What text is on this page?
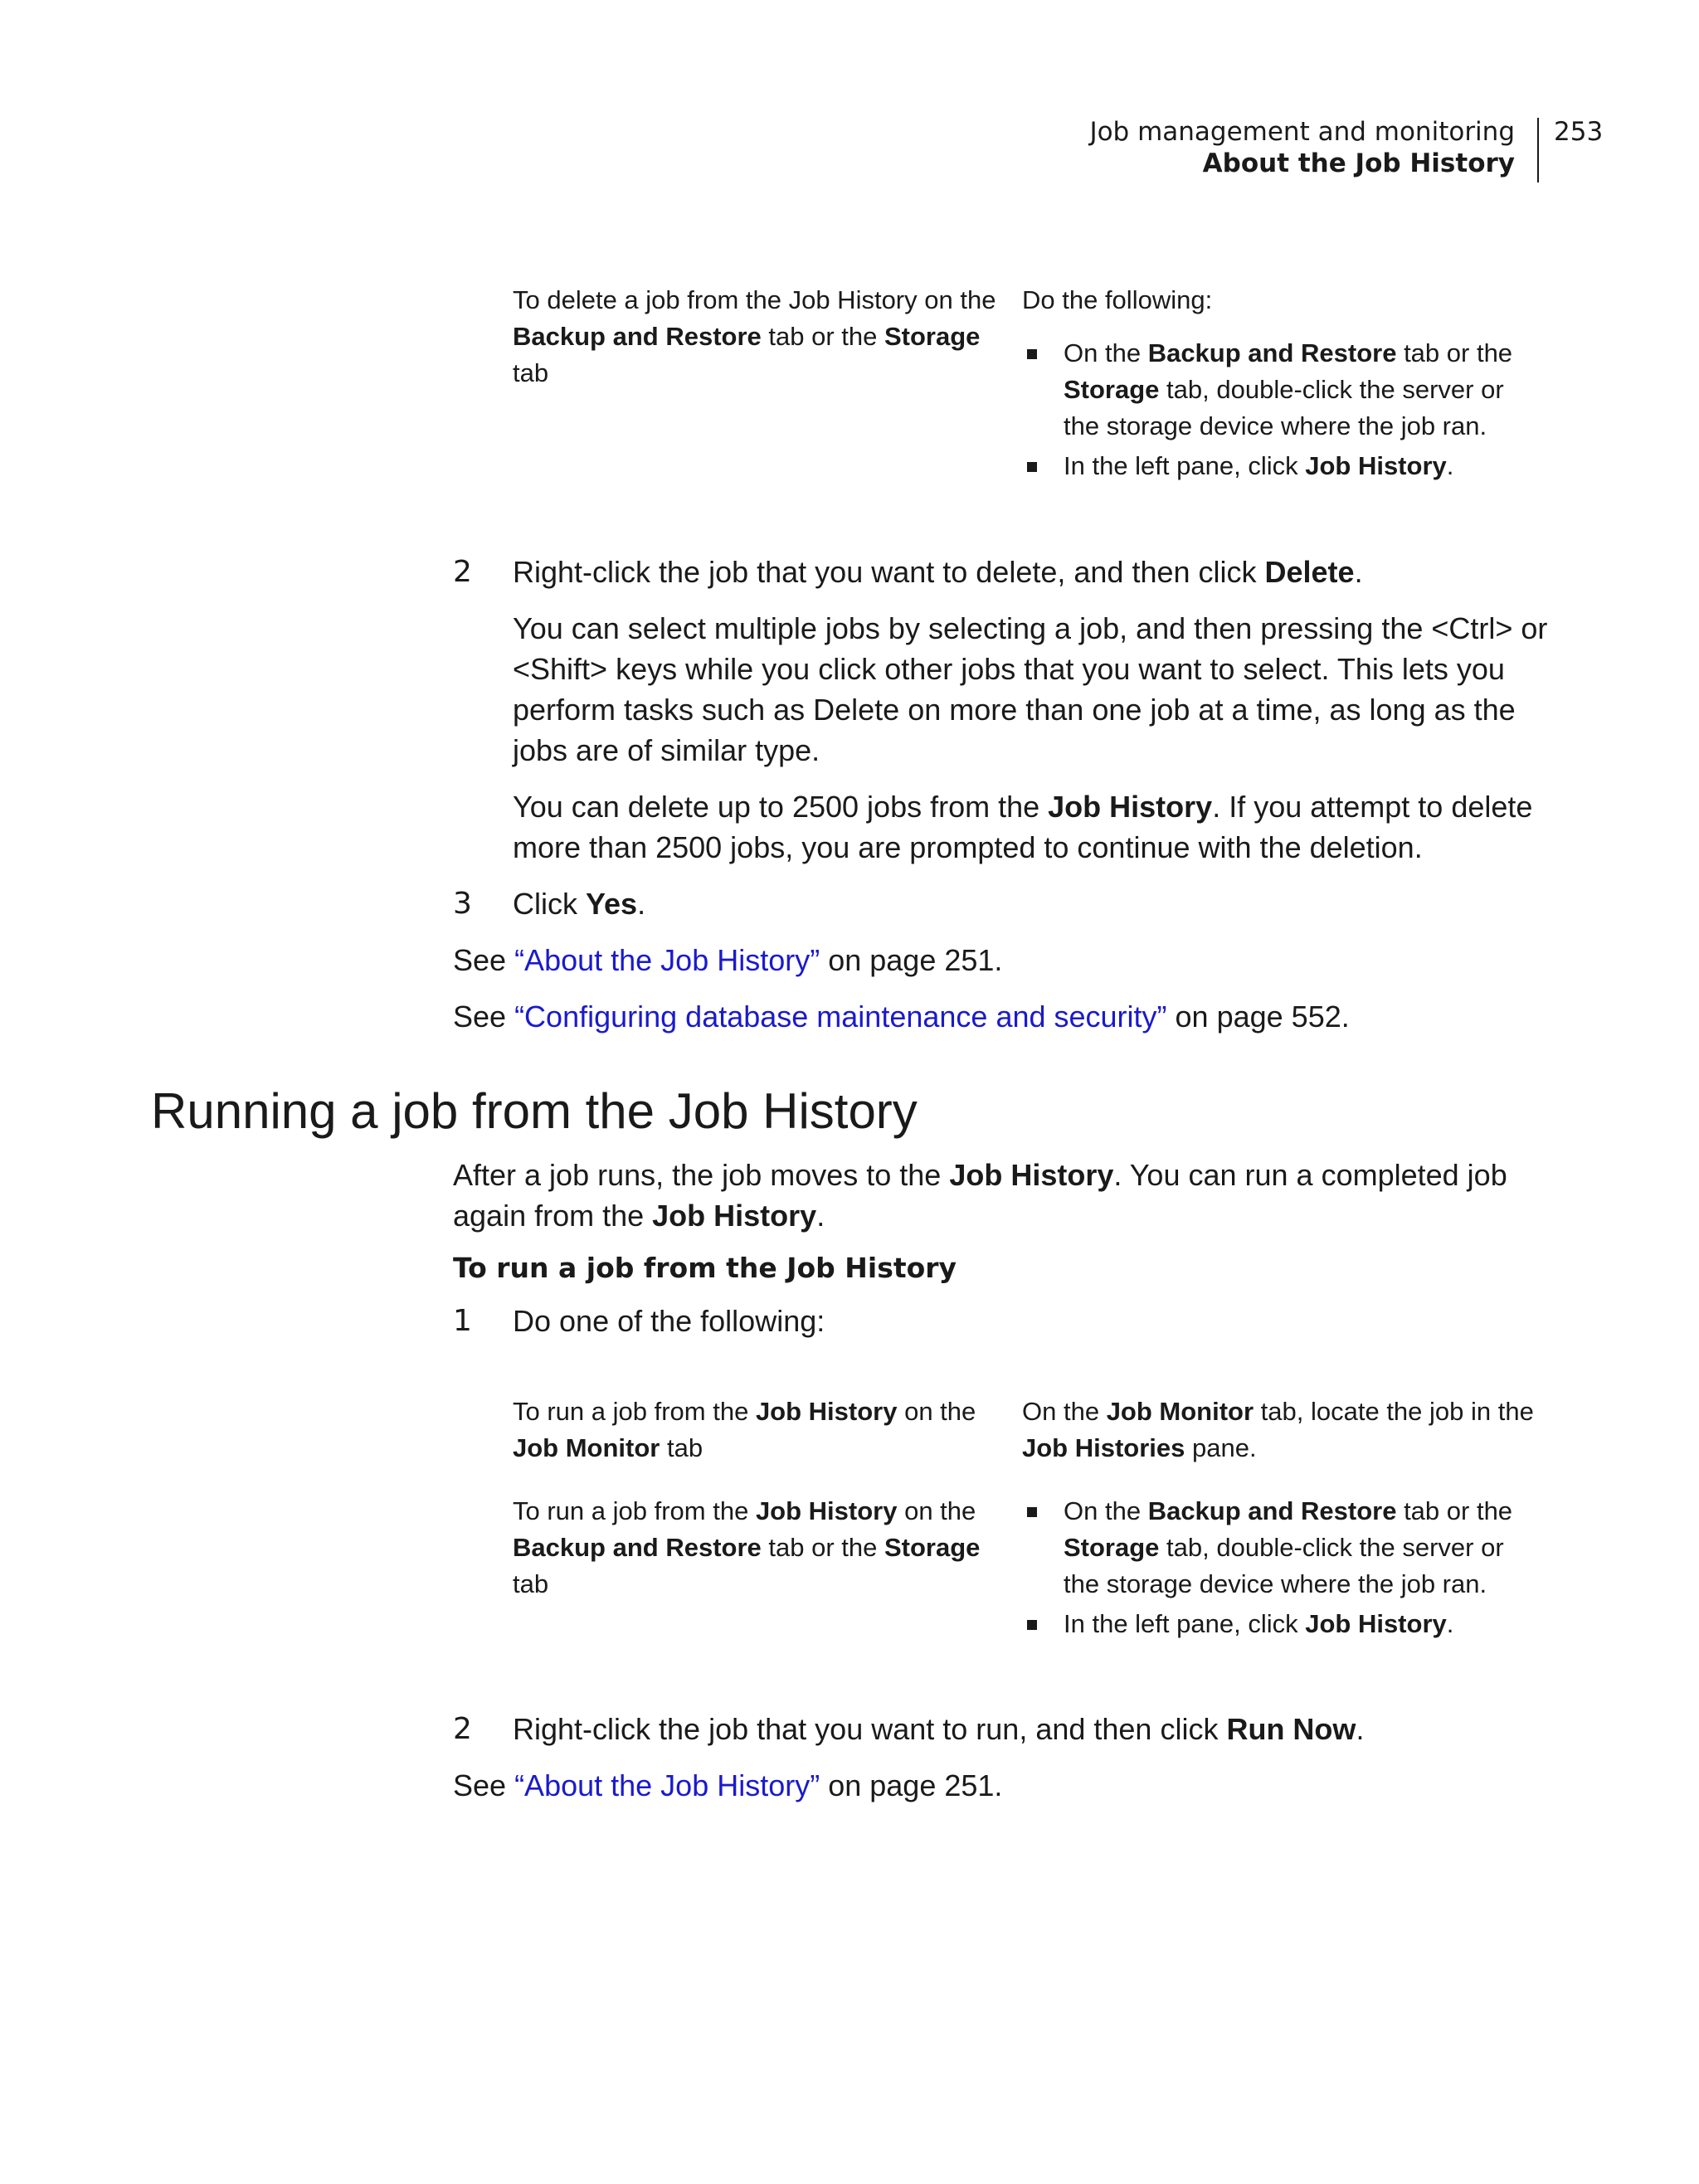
Job management and monitoring
About the Job History
253
To delete a job from the Job History on the Backup and Restore tab or the Storage tab
Do the following:
On the Backup and Restore tab or the Storage tab, double-click the server or the storage device where the job ran.
In the left pane, click Job History.
2 Right-click the job that you want to delete, and then click Delete.

You can select multiple jobs by selecting a job, and then pressing the <Ctrl> or <Shift> keys while you click other jobs that you want to select. This lets you perform tasks such as Delete on more than one job at a time, as long as the jobs are of similar type.

You can delete up to 2500 jobs from the Job History. If you attempt to delete more than 2500 jobs, you are prompted to continue with the deletion.

3 Click Yes.

See “About the Job History” on page 251.

See “Configuring database maintenance and security” on page 552.

Running a job from the Job History

After a job runs, the job moves to the Job History. You can run a completed job again from the Job History.

To run a job from the Job History
1 Do one of the following:
To run a job from the Job History on the Job Monitor tab
On the Job Monitor tab, locate the job in the Job Histories pane.
To run a job from the Job History on the Backup and Restore tab or the Storage tab
On the Backup and Restore tab or the Storage tab, double-click the server or the storage device where the job ran.
In the left pane, click Job History.
2 Right-click the job that you want to run, and then click Run Now.

See “About the Job History” on page 251.
